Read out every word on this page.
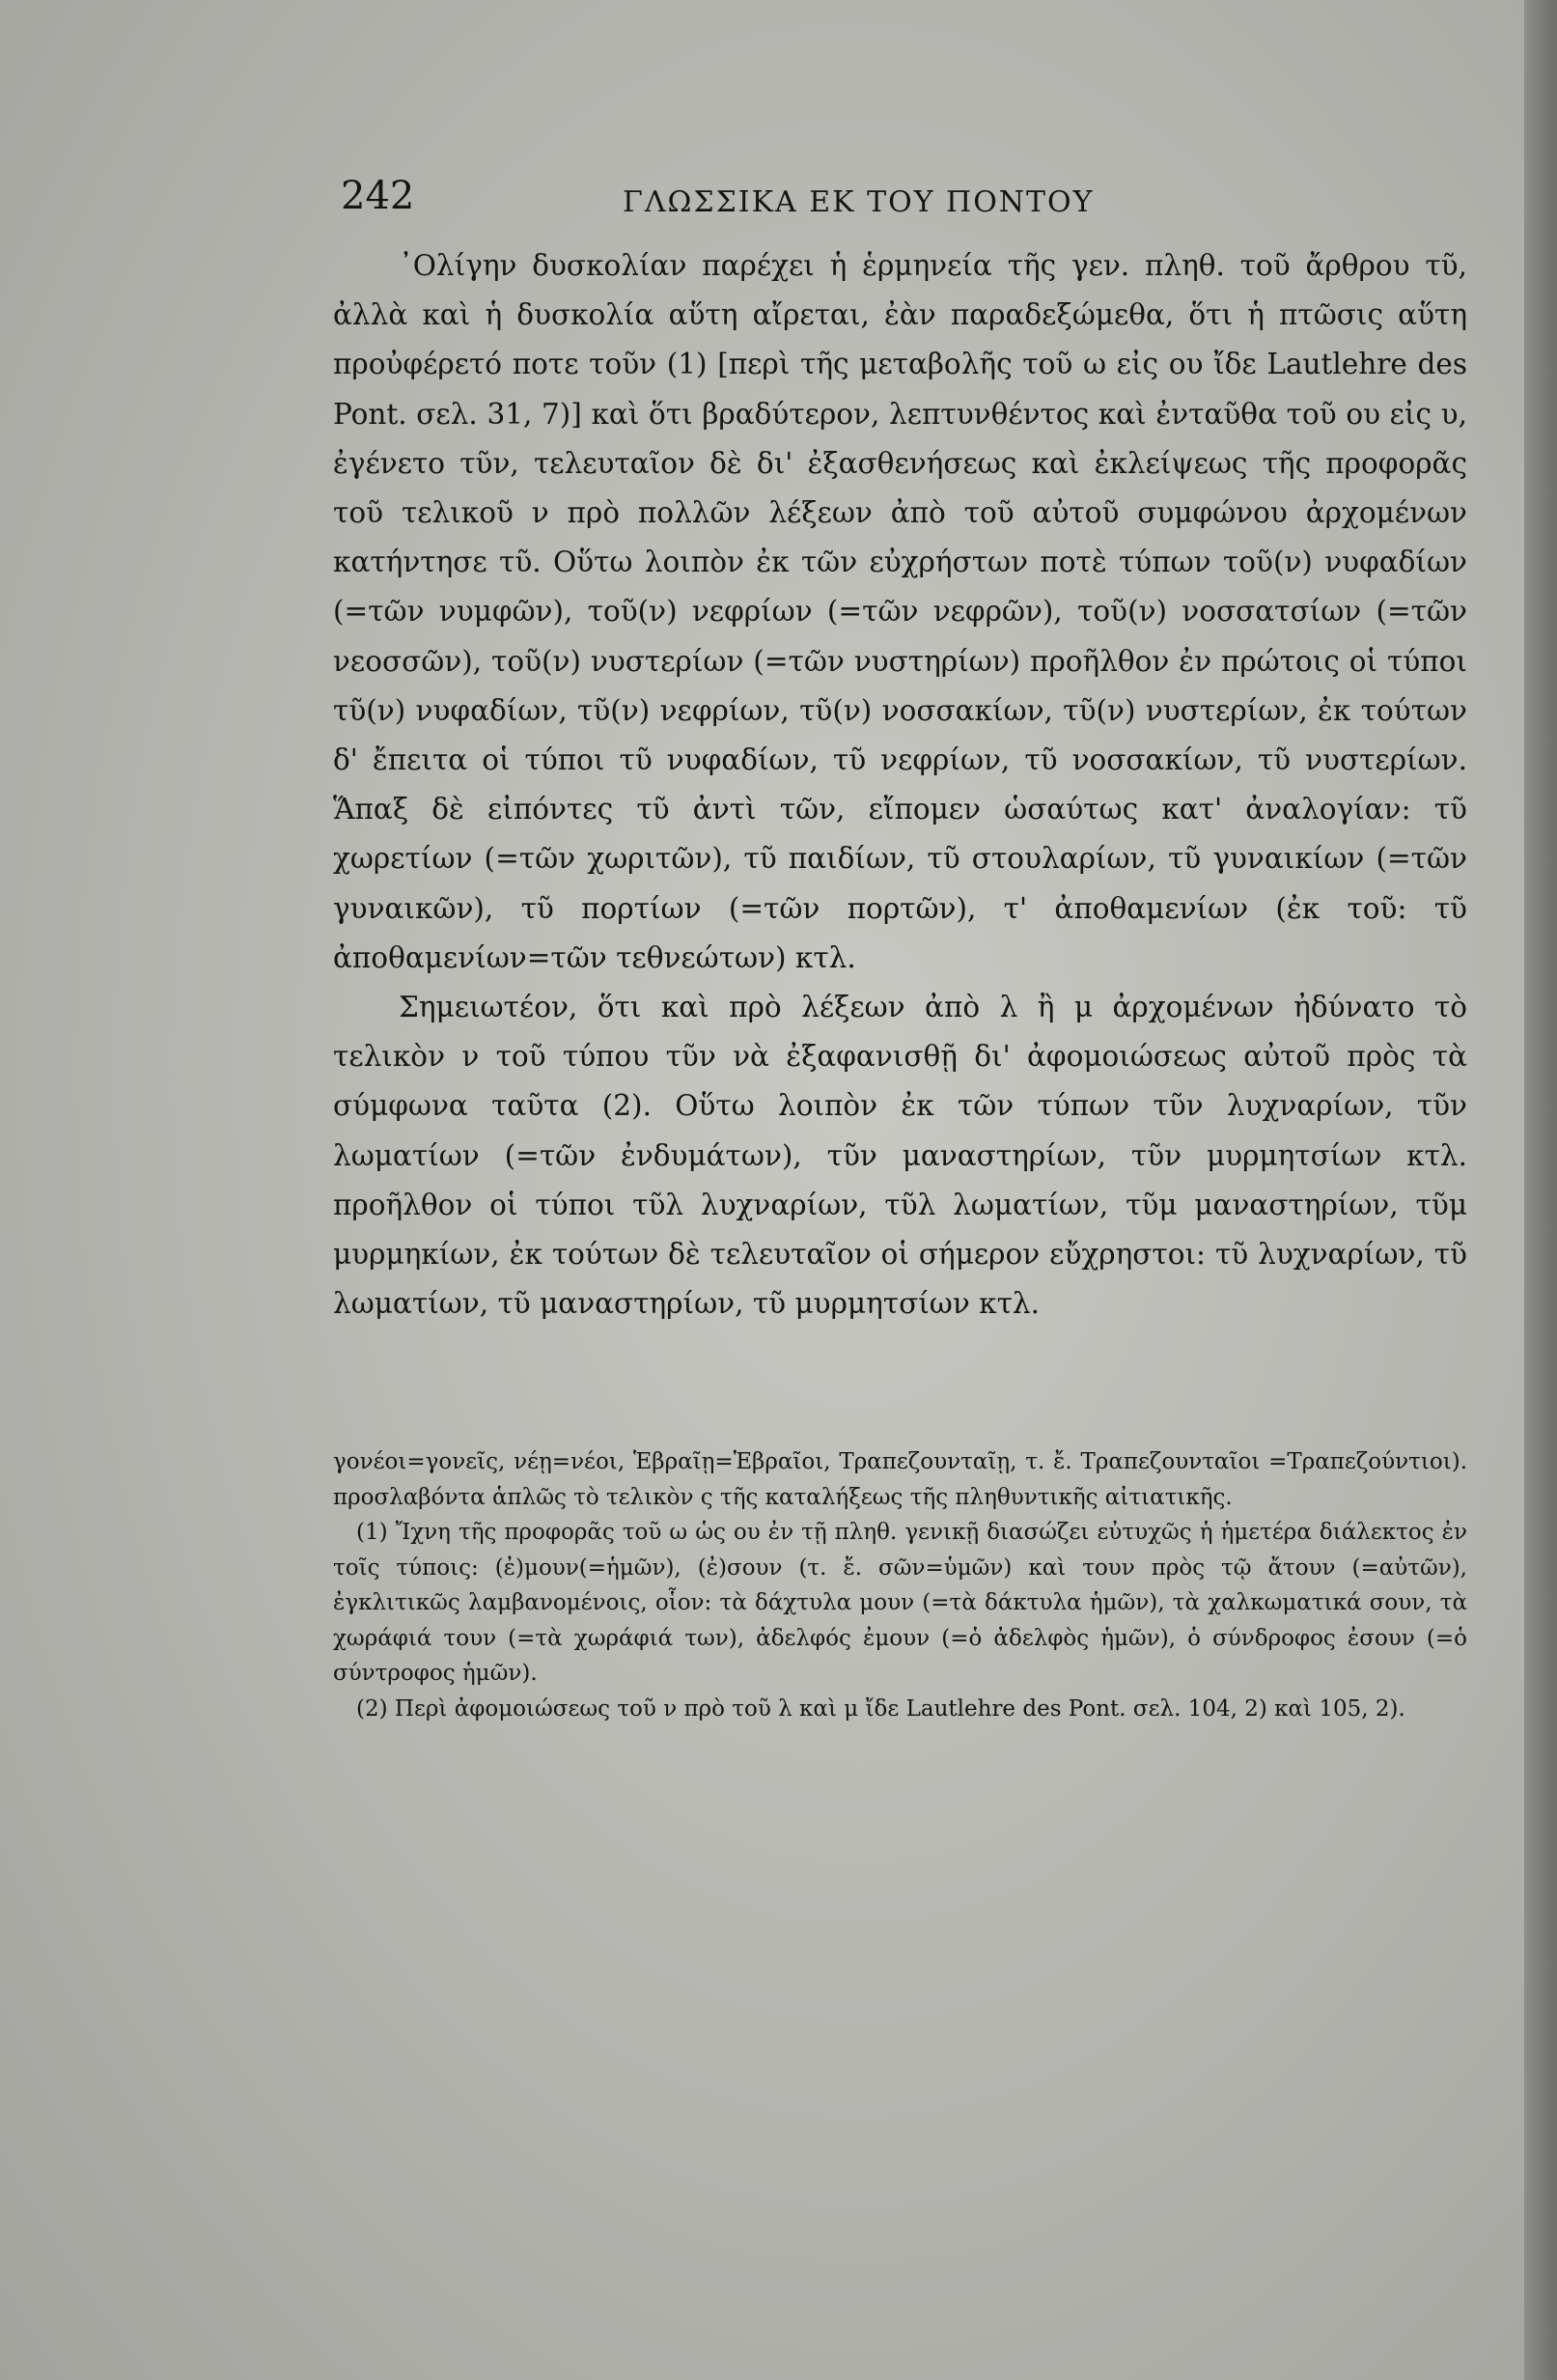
242	ΓΛΩΣΣΙΚΑ ΕΚ ΤΟΥ ΠΟΝΤΟΥ

᾿Ολίγην δυσκολίαν παρέχει ἡ ἑρμηνεία τῆς γεν. πληθ. τοῦ ἄρθρου τῦ, ἀλλὰ καὶ ἡ δυσκολία αὕτη αἴρεται, ἐὰν παραδεξώμεθα, ὅτι ἡ πτῶσις αὕτη προὐφέρετό ποτε τοῦν (1) [περὶ τῆς μεταβολῆς τοῦ ω εἰς ου ἴδε Lautlehre des Pont. σελ. 31, 7)] καὶ ὅτι βραδύτερον, λεπτυνθέντος καὶ ἐνταῦθα τοῦ ου εἰς υ, ἐγένετο τῦν, τελευταῖον δὲ δι' ἐξασθενήσεως καὶ ἐκλείψεως τῆς προφορᾶς τοῦ τελικοῦ ν πρὸ πολλῶν λέξεων ἀπὸ τοῦ αὐτοῦ συμφώνου ἀρχομένων κατήντησε τῦ. Οὕτω λοιπὸν ἐκ τῶν εὐχρήστων ποτὲ τύπων τοῦ(ν) νυφαδίων (=τῶν νυμφῶν), τοῦ(ν) νεφρίων (=τῶν νεφρῶν), τοῦ(ν) νοσσατσίων (=τῶν νεοσσῶν), τοῦ(ν) νυστερίων (=τῶν νυστηρίων) προῆλθον ἐν πρώτοις οἱ τύποι τῦ(ν) νυφαδίων, τῦ(ν) νεφρίων, τῦ(ν) νοσσακίων, τῦ(ν) νυστερίων, ἐκ τούτων δ' ἔπειτα οἱ τύποι τῦ νυφαδίων, τῦ νεφρίων, τῦ νοσσακίων, τῦ νυστερίων. Ἅπαξ δὲ εἰπόντες τῦ ἀντὶ τῶν, εἴπομεν ὡσαύτως κατ' ἀναλογίαν: τῦ χωρετίων (=τῶν χωριτῶν), τῦ παιδίων, τῦ στουλαρίων, τῦ γυναικίων (=τῶν γυναικῶν), τῦ πορτίων (=τῶν πορτῶν), τ' ἀποθαμενίων (ἐκ τοῦ: τῦ ἀποθαμενίων=τῶν τεθνεώτων) κτλ.

Σημειωτέον, ὅτι καὶ πρὸ λέξεων ἀπὸ λ ἢ μ ἀρχομένων ἠδύνατο τὸ τελικὸν ν τοῦ τύπου τῦν νὰ ἐξαφανισθῇ δι' ἀφομοιώσεως αὐτοῦ πρὸς τὰ σύμφωνα ταῦτα (2). Οὕτω λοιπὸν ἐκ τῶν τύπων τῦν λυχναρίων, τῦν λωματίων (=τῶν ἐνδυμάτων), τῦν μαναστηρίων, τῦν μυρμητσίων κτλ. προῆλθον οἱ τύποι τῦλ λυχναρίων, τῦλ λωματίων, τῦμ μαναστηρίων, τῦμ μυρμηκίων, ἐκ τούτων δὲ τελευταῖον οἱ σήμερον εὔχρηστοι: τῦ λυχναρίων, τῦ λωματίων, τῦ μαναστηρίων, τῦ μυρμητσίων κτλ.

γονέοι=γονεῖς, νέῃ=νέοι, Ἑβραῖῃ=Ἑβραῖοι, Τραπεζουνταῖῃ, τ. ἔ. Τραπεζουνταῖοι =Τραπεζούντιοι). προσλαβόντα ἁπλῶς τὸ τελικὸν ς τῆς καταλήξεως τῆς πληθυντικῆς αἰτιατικῆς.

(1) Ἴχνη τῆς προφορᾶς τοῦ ω ὡς ου ἐν τῇ πληθ. γενικῇ διασώζει εὐτυχῶς ἡ ἡμετέρα διάλεκτος ἐν τοῖς τύποις: (ἐ)μουν(=ἡμῶν), (ἐ)σουν (τ. ἔ. σῶν=ὑμῶν) καὶ τουν πρὸς τῷ ἄτουν (=αὐτῶν), ἐγκλιτικῶς λαμβανομένοις, οἷον: τὰ δάχτυλα μουν (=τὰ δάκτυλα ἡμῶν), τὰ χαλκωματικά σουν, τὰ χωράφιά τουν (=τὰ χωράφιά των), ἀδελφός ἐμουν (=ὁ ἀδελφὸς ἡμῶν), ὁ σύνδροφος ἐσουν (=ὁ σύντροφος ἡμῶν).

(2) Περὶ ἀφομοιώσεως τοῦ ν πρὸ τοῦ λ καὶ μ ἴδε Lautlehre des Pont. σελ. 104, 2) καὶ 105, 2).
